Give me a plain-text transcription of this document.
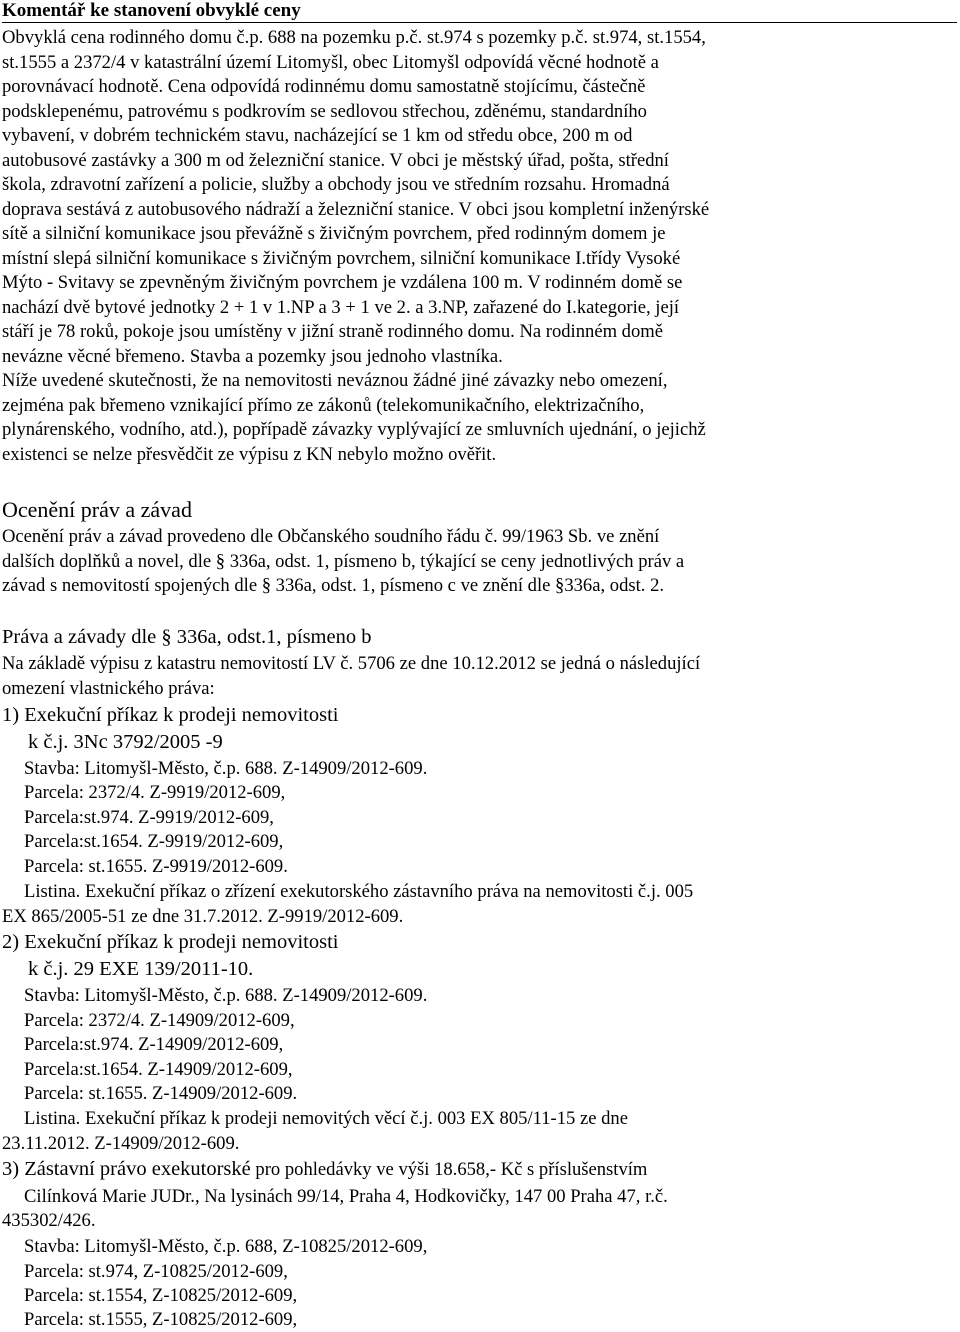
Komentář ke stanovení obvyklé ceny
Obvyklá cena rodinného domu č.p. 688 na pozemku p.č. st.974 s pozemky p.č. st.974, st.1554,
st.1555 a 2372/4 v katastrální území Litomyšl, obec Litomyšl odpovídá věcné hodnotě a
porovnávací hodnotě. Cena odpovídá rodinnému domu samostatně stojícímu, částečně
podsklepenému, patrovému s podkrovím se sedlovou střechou, zděnému, standardního
vybavení, v dobrém technickém stavu, nacházející se 1 km od středu obce, 200 m od
autobusové zastávky a 300 m od železniční stanice. V obci je městský úřad, pošta, střední
škola, zdravotní zařízení a policie, služby a obchody jsou ve středním rozsahu. Hromadná
doprava sestává z autobusového nádraží a železniční stanice. V obci jsou kompletní inženýrské
sítě a silniční komunikace jsou převážně s živičným povrchem, před rodinným domem je
místní slepá silniční komunikace s živičným povrchem, silniční komunikace I.třídy Vysoké
Mýto - Svitavy se zpevněným živičným povrchem je vzdálena 100 m. V rodinném domě se
nachází dvě bytové jednotky 2 + 1 v 1.NP a 3 + 1 ve 2. a 3.NP, zařazené do I.kategorie, její
stáří je 78 roků, pokoje jsou umístěny v jižní straně rodinného domu. Na rodinném domě
nevázne věcné břemeno. Stavba a pozemky jsou jednoho vlastníka.
Níže uvedené skutečnosti, že na nemovitosti neváznou žádné jiné závazky nebo omezení,
zejména pak břemeno vznikající přímo ze zákonů (telekomunikačního, elektrizačního,
plynárenského, vodního, atd.), popřípadě závazky vyplývající ze smluvních ujednání, o jejichž
existenci se nelze přesvědčit ze výpisu z KN nebylo možno ověřit.
Ocenění práv a závad
Ocenění práv a závad provedeno dle Občanského soudního řádu č. 99/1963 Sb. ve znění
dalších doplňků a novel, dle § 336a, odst. 1, písmeno b, týkající se ceny jednotlivých práv a
závad s nemovitostí spojených dle § 336a, odst. 1, písmeno c ve znění dle §336a, odst. 2.
Práva a závady dle § 336a, odst.1, písmeno b
Na základě výpisu z katastru nemovitostí LV č. 5706 ze dne 10.12.2012 se jedná o následující
omezení vlastnického práva:
1) Exekuční příkaz k prodeji nemovitosti
k č.j. 3Nc 3792/2005 -9
Stavba: Litomyšl-Město, č.p. 688. Z-14909/2012-609.
Parcela: 2372/4. Z-9919/2012-609,
Parcela:st.974. Z-9919/2012-609,
Parcela:st.1654. Z-9919/2012-609,
Parcela: st.1655. Z-9919/2012-609.
Listina. Exekuční příkaz o zřízení exekutorského zástavního práva na nemovitosti č.j. 005
EX 865/2005-51 ze dne 31.7.2012. Z-9919/2012-609.
2) Exekuční příkaz k prodeji nemovitosti
k č.j. 29 EXE 139/2011-10.
Stavba: Litomyšl-Město, č.p. 688. Z-14909/2012-609.
Parcela: 2372/4. Z-14909/2012-609,
Parcela:st.974. Z-14909/2012-609,
Parcela:st.1654. Z-14909/2012-609,
Parcela: st.1655. Z-14909/2012-609.
Listina. Exekuční příkaz k prodeji nemovitých věcí č.j. 003 EX 805/11-15 ze dne
23.11.2012. Z-14909/2012-609.
3) Zástavní právo exekutorské pro pohledávky ve výši 18.658,- Kč s příslušenstvím
Cilínková Marie JUDr., Na lysinách 99/14, Praha 4, Hodkovičky, 147 00 Praha 47, r.č.
435302/426.
Stavba: Litomyšl-Město, č.p. 688, Z-10825/2012-609,
Parcela: st.974, Z-10825/2012-609,
Parcela: st.1554, Z-10825/2012-609,
Parcela: st.1555, Z-10825/2012-609,
